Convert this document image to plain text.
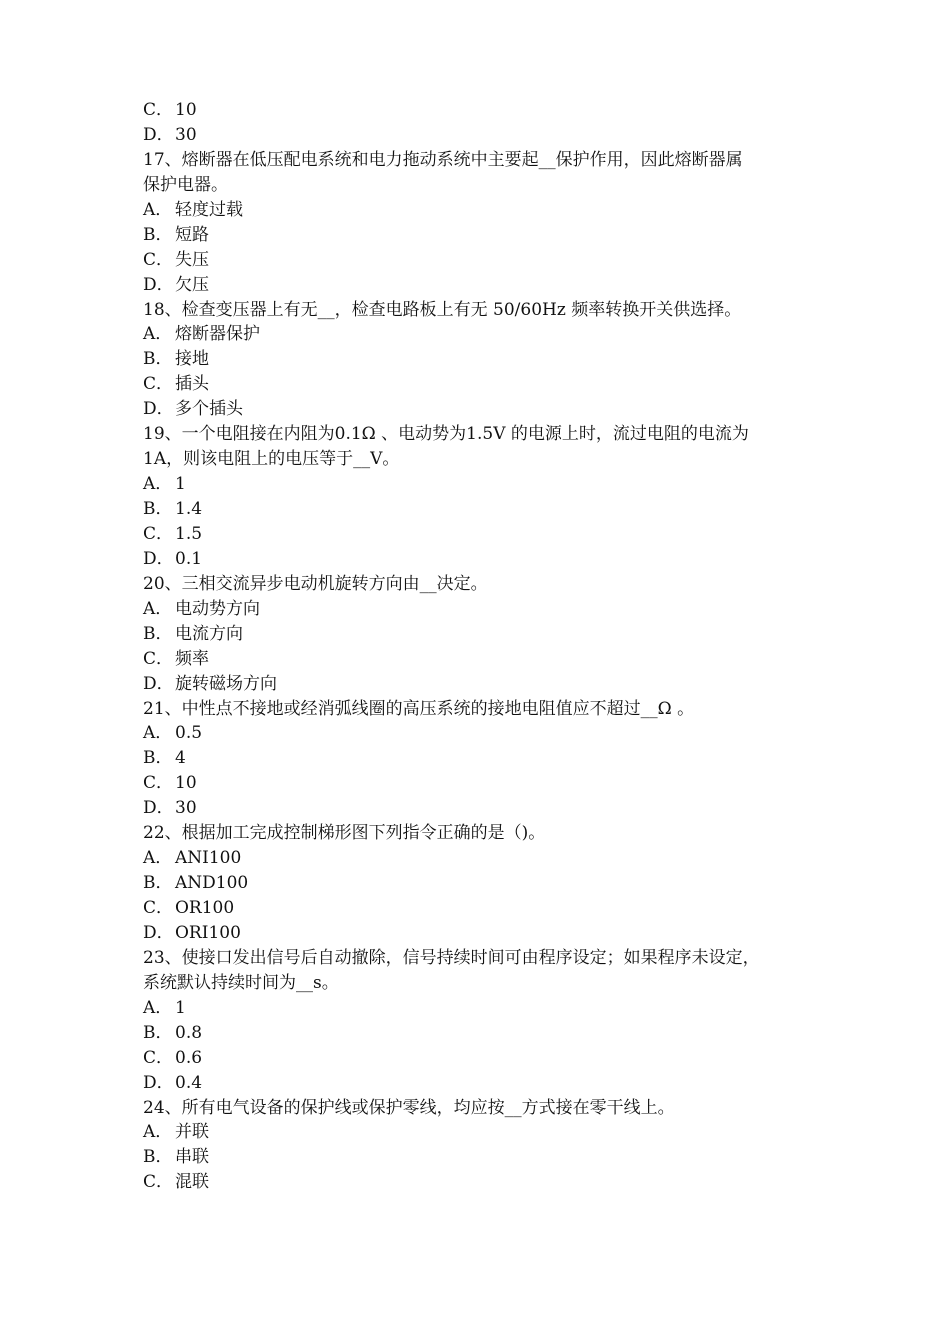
C． 10
D．30
17、熔断器在低压配电系统和电力拖动系统中主要起__保护作用，因此熔断器属
保护电器。
A． 轻度过载
B． 短路
C． 失压
D．欠压
18、检查变压器上有无__，检查电路板上有无 50/60Hz 频率转换开关供选择。
A． 熔断器保护
B． 接地
C． 插头
D．多个插头
19、一个电阻接在内阻为0.1Ω 、电动势为1.5V 的电源上时，流过电阻的电流为
1A，则该电阻上的电压等于__V。
A． 1
B． 1.4
C． 1.5
D．0.1
20、三相交流异步电动机旋转方向由__决定。
A． 电动势方向
B． 电流方向
C． 频率
D．旋转磁场方向
21、中性点不接地或经消弧线圈的高压系统的接地电阻值应不超过__Ω 。
A． 0.5
B． 4
C． 10
D．30
22、根据加工完成控制梯形图下列指令正确的是（)。
A． ANI100
B． AND100
C． OR100
D．ORI100
23、使接口发出信号后自动撤除，信号持续时间可由程序设定；如果程序未设定，
系统默认持续时间为__s。
A． 1
B． 0.8
C． 0.6
D．0.4
24、所有电气设备的保护线或保护零线，均应按__方式接在零干线上。
A． 并联
B． 串联
C． 混联
